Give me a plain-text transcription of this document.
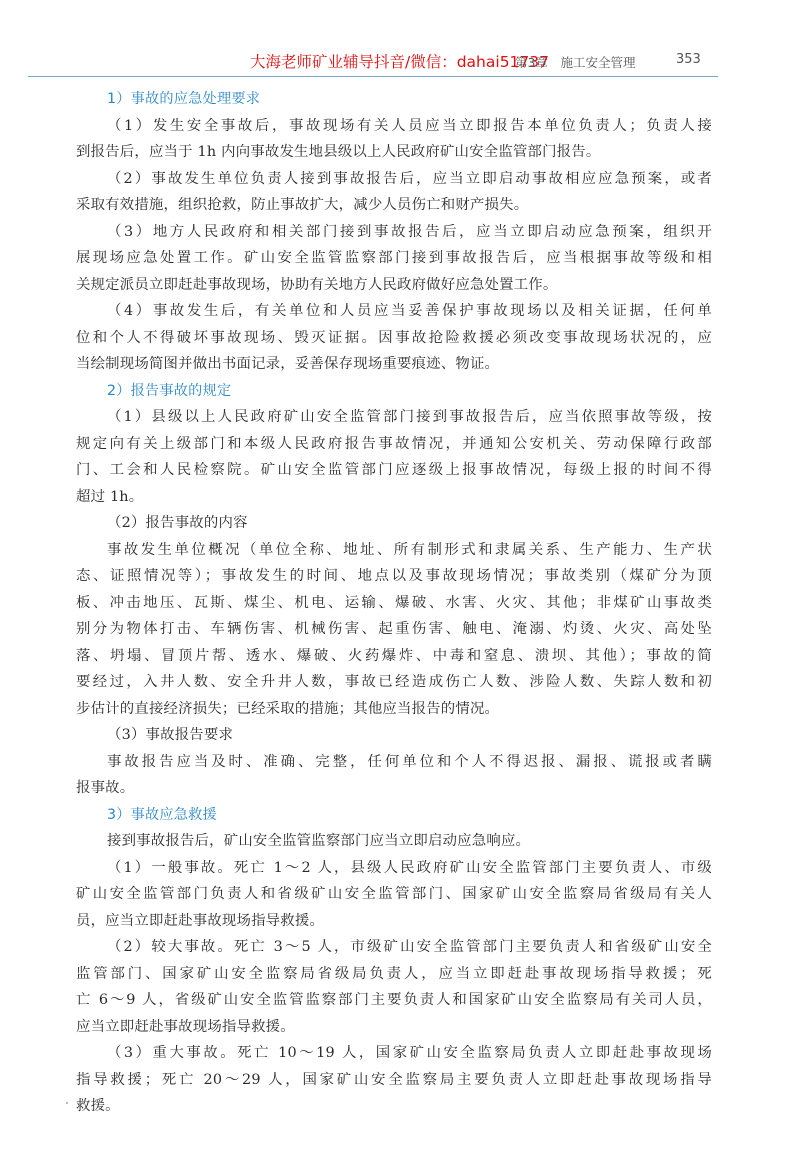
大海老师矿业辅导抖音/微信：dahai51737
第3章　施工安全管理	353
1）事故的应急处理要求
（1）发生安全事故后，事故现场有关人员应当立即报告本单位负责人；负责人接
到报告后，应当于 1h 内向事故发生地县级以上人民政府矿山安全监管部门报告。
（2）事故发生单位负责人接到事故报告后，应当立即启动事故相应应急预案，或者
采取有效措施，组织抢救，防止事故扩大，减少人员伤亡和财产损失。
（3）地方人民政府和相关部门接到事故报告后，应当立即启动应急预案，组织开
展现场应急处置工作。矿山安全监管监察部门接到事故报告后，应当根据事故等级和相
关规定派员立即赶赴事故现场，协助有关地方人民政府做好应急处置工作。
（4）事故发生后，有关单位和人员应当妥善保护事故现场以及相关证据，任何单
位和个人不得破坏事故现场、毁灭证据。因事故抢险救援必须改变事故现场状况的，应
当绘制现场简图并做出书面记录，妥善保存现场重要痕迹、物证。
2）报告事故的规定
（1）县级以上人民政府矿山安全监管部门接到事故报告后，应当依照事故等级，按
规定向有关上级部门和本级人民政府报告事故情况，并通知公安机关、劳动保障行政部
门、工会和人民检察院。矿山安全监管部门应逐级上报事故情况，每级上报的时间不得
超过 1h。
（2）报告事故的内容
事故发生单位概况（单位全称、地址、所有制形式和隶属关系、生产能力、生产状
态、证照情况等）；事故发生的时间、地点以及事故现场情况；事故类别（煤矿分为顶
板、冲击地压、瓦斯、煤尘、机电、运输、爆破、水害、火灾、其他；非煤矿山事故类
别分为物体打击、车辆伤害、机械伤害、起重伤害、触电、淹溺、灼烫、火灾、高处坠
落、坍塌、冒顶片帮、透水、爆破、火药爆炸、中毒和窒息、溃坝、其他）；事故的简
要经过，入井人数、安全升井人数，事故已经造成伤亡人数、涉险人数、失踪人数和初
步估计的直接经济损失；已经采取的措施；其他应当报告的情况。
（3）事故报告要求
事故报告应当及时、准确、完整，任何单位和个人不得迟报、漏报、谎报或者瞒
报事故。
3）事故应急救援
接到事故报告后，矿山安全监管监察部门应当立即启动应急响应。
（1）一般事故。死亡 1～2 人，县级人民政府矿山安全监管部门主要负责人、市级
矿山安全监管部门负责人和省级矿山安全监管部门、国家矿山安全监察局省级局有关人
员，应当立即赶赴事故现场指导救援。
（2）较大事故。死亡 3～5 人，市级矿山安全监管部门主要负责人和省级矿山安全
监管部门、国家矿山安全监察局省级局负责人，应当立即赶赴事故现场指导救援；死
亡 6～9 人，省级矿山安全监管监察部门主要负责人和国家矿山安全监察局有关司人员，
应当立即赶赴事故现场指导救援。
（3）重大事故。死亡 10～19 人，国家矿山安全监察局负责人立即赶赴事故现场
指导救援；死亡 20～29 人，国家矿山安全监察局主要负责人立即赶赴事故现场指导
救援。
